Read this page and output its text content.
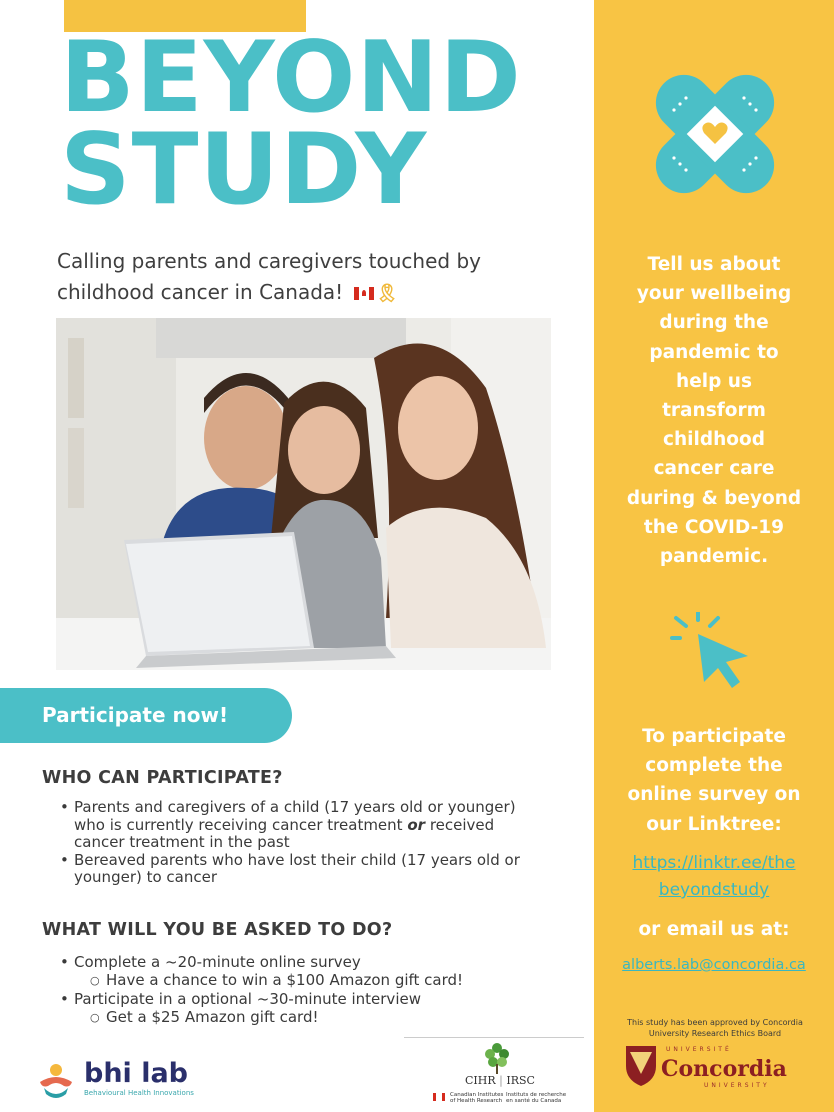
BEYOND
STUDY

Calling parents and caregivers touched by
childhood cancer in Canada! 🎗

Participate now!
WHO CAN PARTICIPATE?
• Parents and caregivers of a child (17 years old or younger)
who is currently receiving cancer treatment or received
cancer treatment in the past
• Bereaved parents who have lost their child (17 years old or
younger) to cancer
WHAT WILL YOU BE ASKED TO DO?
• Complete a ~20-minute online survey
○ Have a chance to win a $100 Amazon gift card!
• Participate in a optional ~30-minute interview
○ Get a $25 Amazon gift card!
bhi lab
Behavioural Health Innovations
CIHR | IRSC
Canadian Institutes
of Health Research
Instituts de recherche
en santé du Canada

Tell us about
your wellbeing
during the
pandemic to
help us
transform
childhood
cancer care
during & beyond
the COVID-19
pandemic.

To participate
complete the
online survey on
our Linktree:

https://linktr.ee/the
beyondstudy

or email us at:

alberts.lab@concordia.ca

This study has been approved by Concordia
University Research Ethics Board

UNIVERSITÉ
Concordia
UNIVERSITY
